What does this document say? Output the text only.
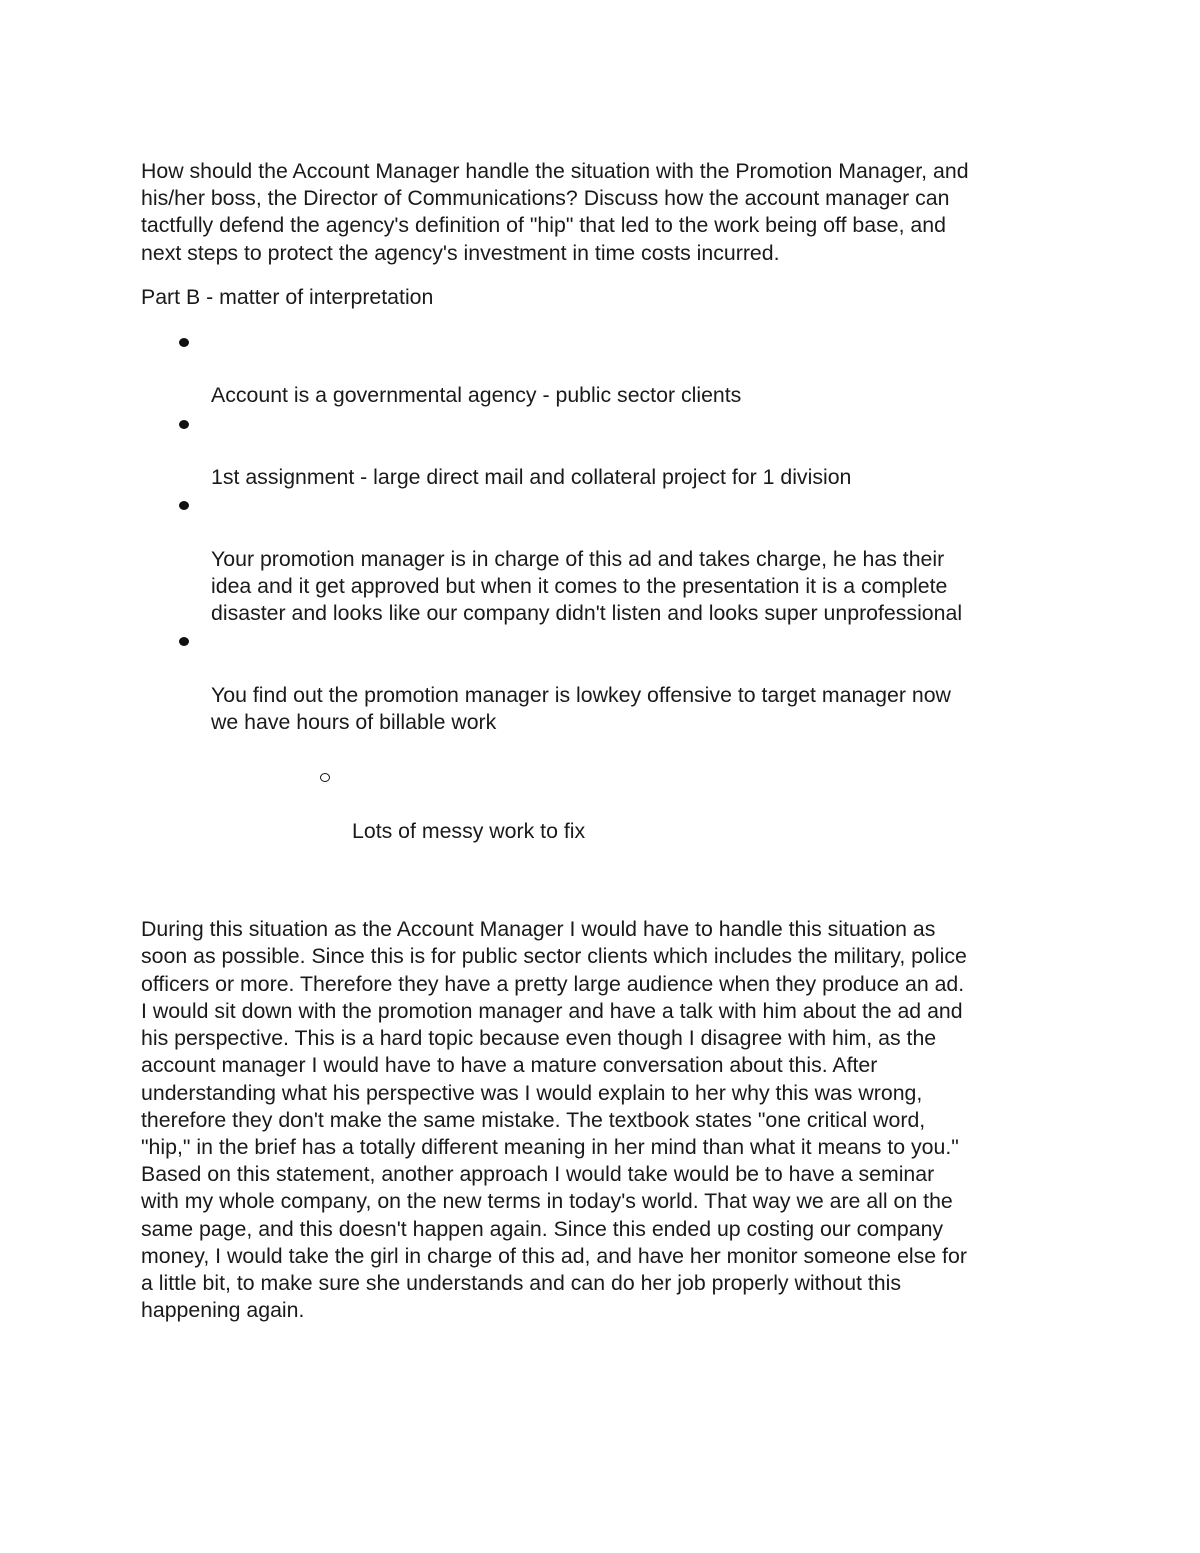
How should the Account Manager handle the situation with the Promotion Manager, and
his/her boss, the Director of Communications? Discuss how the account manager can
tactfully defend the agency's definition of "hip" that led to the work being off base, and
next steps to protect the agency's investment in time costs incurred.

Part B - matter of interpretation

Account is a governmental agency - public sector clients

1st assignment - large direct mail and collateral project for 1 division

Your promotion manager is in charge of this ad and takes charge, he has their
idea and it get approved but when it comes to the presentation it is a complete
disaster and looks like our company didn't listen and looks super unprofessional

You find out the promotion manager is lowkey offensive to target manager now
we have hours of billable work

Lots of messy work to fix

During this situation as the Account Manager I would have to handle this situation as
soon as possible. Since this is for public sector clients which includes the military, police
officers or more. Therefore they have a pretty large audience when they produce an ad.
I would sit down with the promotion manager and have a talk with him about the ad and
his perspective. This is a hard topic because even though I disagree with him, as the
account manager I would have to have a mature conversation about this. After
understanding what his perspective was I would explain to her why this was wrong,
therefore they don't make the same mistake. The textbook states "one critical word,
"hip," in the brief has a totally different meaning in her mind than what it means to you."
Based on this statement, another approach I would take would be to have a seminar
with my whole company, on the new terms in today's world. That way we are all on the
same page, and this doesn't happen again. Since this ended up costing our company
money, I would take the girl in charge of this ad, and have her monitor someone else for
a little bit, to make sure she understands and can do her job properly without this
happening again.
